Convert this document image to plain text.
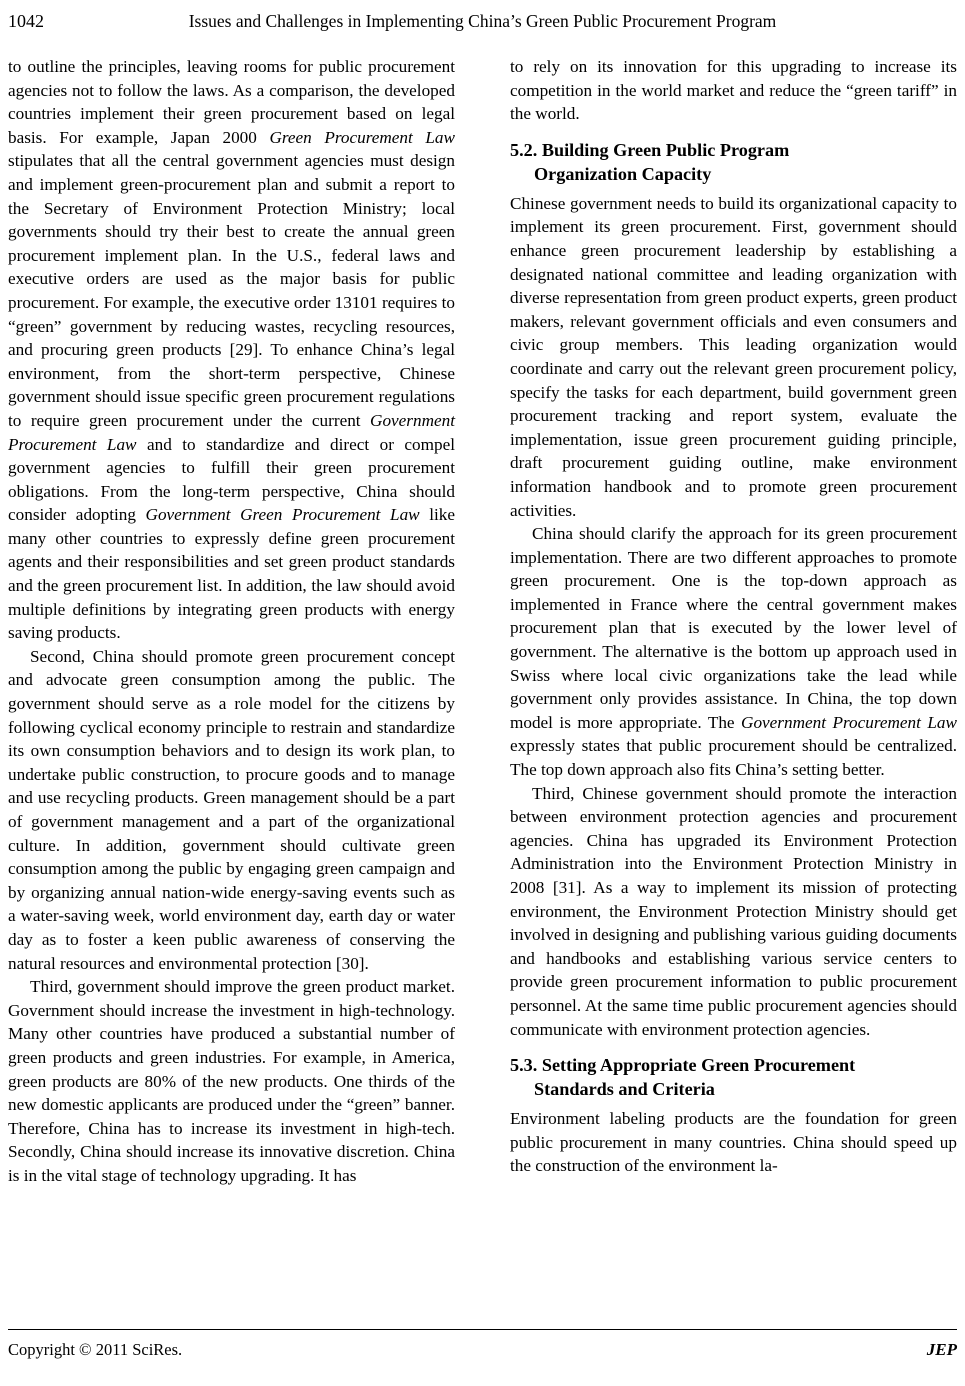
1042	Issues and Challenges in Implementing China’s Green Public Procurement Program

to outline the principles, leaving rooms for public procurement agencies not to follow the laws. As a comparison, the developed countries implement their green procurement based on legal basis. For example, Japan 2000 Green Procurement Law stipulates that all the central government agencies must design and implement green-procurement plan and submit a report to the Secretary of Environment Protection Ministry; local governments should try their best to create the annual green procurement implement plan. In the U.S., federal laws and executive orders are used as the major basis for public procurement. For example, the executive order 13101 requires to “green” government by reducing wastes, recycling resources, and procuring green products [29]. To enhance China’s legal environment, from the short-term perspective, Chinese government should issue specific green procurement regulations to require green procurement under the current Government Procurement Law and to standardize and direct or compel government agencies to fulfill their green procurement obligations. From the long-term perspective, China should consider adopting Government Green Procurement Law like many other countries to expressly define green procurement agents and their responsibilities and set green product standards and the green procurement list. In addition, the law should avoid multiple definitions by integrating green products with energy saving products.

Second, China should promote green procurement concept and advocate green consumption among the public. The government should serve as a role model for the citizens by following cyclical economy principle to restrain and standardize its own consumption behaviors and to design its work plan, to undertake public construction, to procure goods and to manage and use recycling products. Green management should be a part of government management and a part of the organizational culture. In addition, government should cultivate green consumption among the public by engaging green campaign and by organizing annual nation-wide energy-saving events such as a water-saving week, world environment day, earth day or water day as to foster a keen public awareness of conserving the natural resources and environmental protection [30].

Third, government should improve the green product market. Government should increase the investment in high-technology. Many other countries have produced a substantial number of green products and green industries. For example, in America, green products are 80% of the new products. One thirds of the new domestic applicants are produced under the “green” banner. Therefore, China has to increase its investment in high-tech. Secondly, China should increase its innovative discretion. China is in the vital stage of technology upgrading. It has

to rely on its innovation for this upgrading to increase its competition in the world market and reduce the “green tariff” in the world.

5.2. Building Green Public Program
Organization Capacity

Chinese government needs to build its organizational capacity to implement its green procurement. First, government should enhance green procurement leadership by establishing a designated national committee and leading organization with diverse representation from green product experts, green product makers, relevant government officials and even consumers and civic group members. This leading organization would coordinate and carry out the relevant green procurement policy, specify the tasks for each department, build government green procurement tracking and report system, evaluate the implementation, issue green procurement guiding principle, draft procurement guiding outline, make environment information handbook and to promote green procurement activities.

China should clarify the approach for its green procurement implementation. There are two different approaches to promote green procurement. One is the top-down approach as implemented in France where the central government makes procurement plan that is executed by the lower level of government. The alternative is the bottom up approach used in Swiss where local civic organizations take the lead while government only provides assistance. In China, the top down model is more appropriate. The Government Procurement Law expressly states that public procurement should be centralized. The top down approach also fits China’s setting better.

Third, Chinese government should promote the interaction between environment protection agencies and procurement agencies. China has upgraded its Environment Protection Administration into the Environment Protection Ministry in 2008 [31]. As a way to implement its mission of protecting environment, the Environment Protection Ministry should get involved in designing and publishing various guiding documents and handbooks and establishing various service centers to provide green procurement information to public procurement personnel. At the same time public procurement agencies should communicate with environment protection agencies.

5.3. Setting Appropriate Green Procurement
Standards and Criteria

Environment labeling products are the foundation for green public procurement in many countries. China should speed up the construction of the environment la-

Copyright © 2011 SciRes.	JEP
